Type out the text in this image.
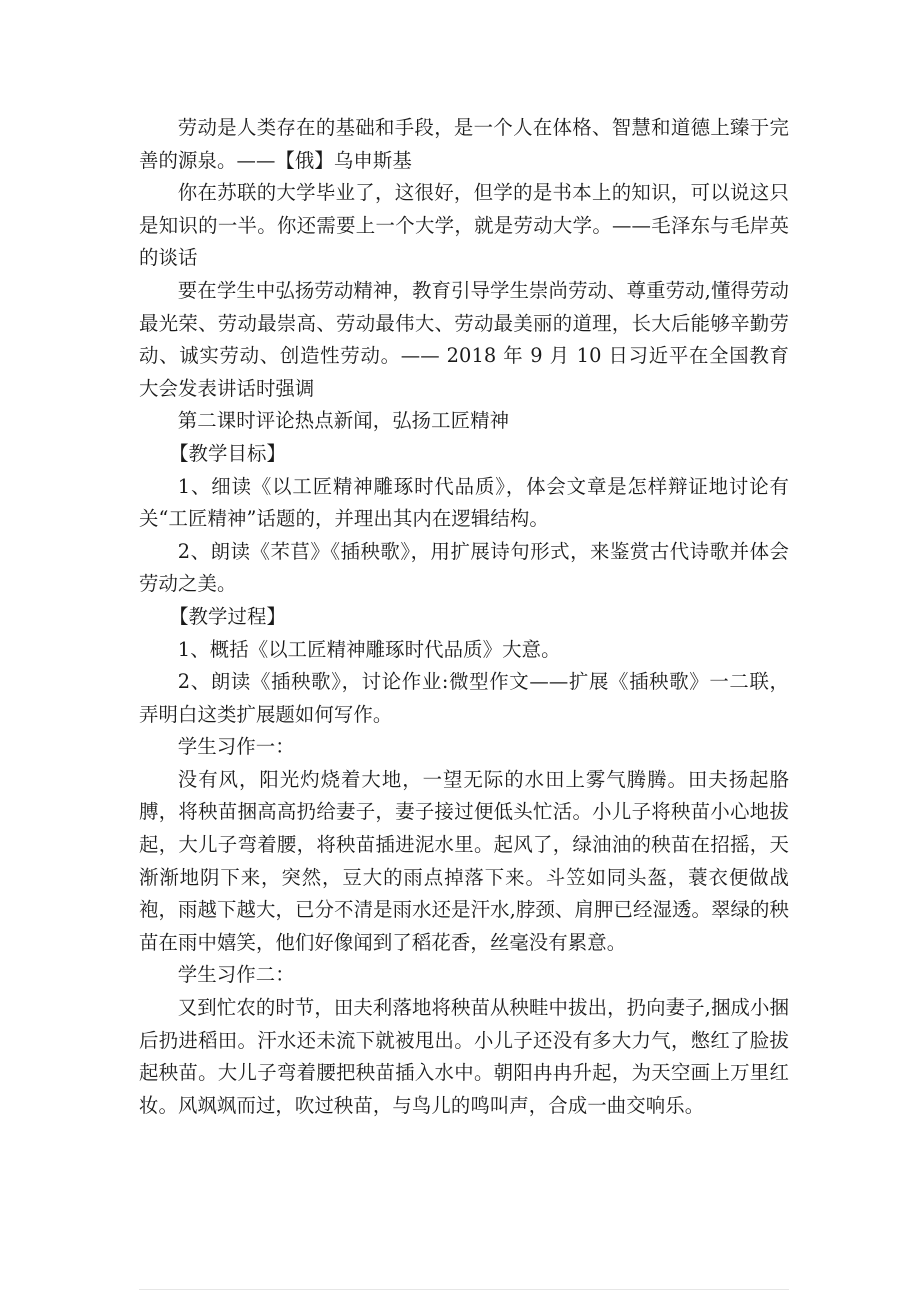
劳动是人类存在的基础和手段，是一个人在体格、智慧和道德上臻于完善的源泉。——【俄】乌申斯基

你在苏联的大学毕业了，这很好，但学的是书本上的知识，可以说这只是知识的一半。你还需要上一个大学，就是劳动大学。——毛泽东与毛岸英的谈话

要在学生中弘扬劳动精神，教育引导学生崇尚劳动、尊重劳动,懂得劳动最光荣、劳动最崇高、劳动最伟大、劳动最美丽的道理，长大后能够辛勤劳动、诚实劳动、创造性劳动。—— 2018 年 9 月 10 日习近平在全国教育大会发表讲话时强调

第二课时评论热点新闻，弘扬工匠精神

【教学目标】

1、细读《以工匠精神雕琢时代品质》，体会文章是怎样辩证地讨论有关“工匠精神”话题的，并理出其内在逻辑结构。

2、朗读《芣苢》《插秧歌》，用扩展诗句形式，来鉴赏古代诗歌并体会劳动之美。

【教学过程】

1、概括《以工匠精神雕琢时代品质》大意。

2、朗读《插秧歌》，讨论作业:微型作文——扩展《插秧歌》一二联，弄明白这类扩展题如何写作。

学生习作一：

没有风，阳光灼烧着大地，一望无际的水田上雾气腾腾。田夫扬起胳膊，将秧苗捆高高扔给妻子，妻子接过便低头忙活。小儿子将秧苗小心地拔起，大儿子弯着腰，将秧苗插进泥水里。起风了，绿油油的秧苗在招摇，天渐渐地阴下来，突然，豆大的雨点掉落下来。斗笠如同头盔，蓑衣便做战袍，雨越下越大，已分不清是雨水还是汗水,脖颈、肩胛已经湿透。翠绿的秧苗在雨中嬉笑，他们好像闻到了稻花香，丝毫没有累意。

学生习作二：

又到忙农的时节，田夫利落地将秧苗从秧畦中拔出，扔向妻子,捆成小捆后扔进稻田。汗水还未流下就被甩出。小儿子还没有多大力气，憋红了脸拔起秧苗。大儿子弯着腰把秧苗插入水中。朝阳冉冉升起，为天空画上万里红妆。风飒飒而过，吹过秧苗，与鸟儿的鸣叫声，合成一曲交响乐。
